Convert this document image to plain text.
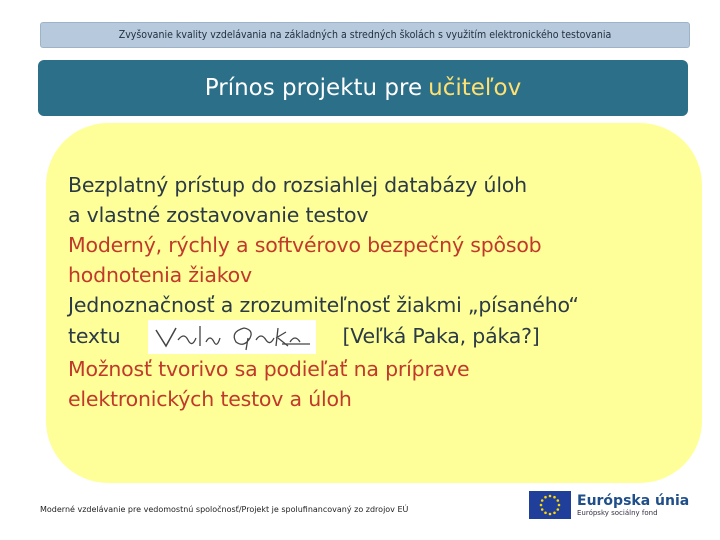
Zvyšovanie kvality vzdelávania na základných a stredných školách s využitím elektronického testovania
Prínos projektu pre učiteľov

Bezplatný prístup do rozsiahlej databázy úloh

a vlastné zostavovanie testov

Moderný, rýchly a softvérovo bezpečný spôsob

hodnotenia žiakov

Jednoznačnosť a zrozumiteľnosť žiakmi „písaného“

textu	[Veľká Paka, páka?]

Možnosť tvorivo sa podieľať na príprave

elektronických testov a úloh

Moderné vzdelávanie pre vedomostnú spoločnosť/Projekt je spolufinancovaný zo zdrojov EÚ
Európska únia
Európsky sociálny fond
